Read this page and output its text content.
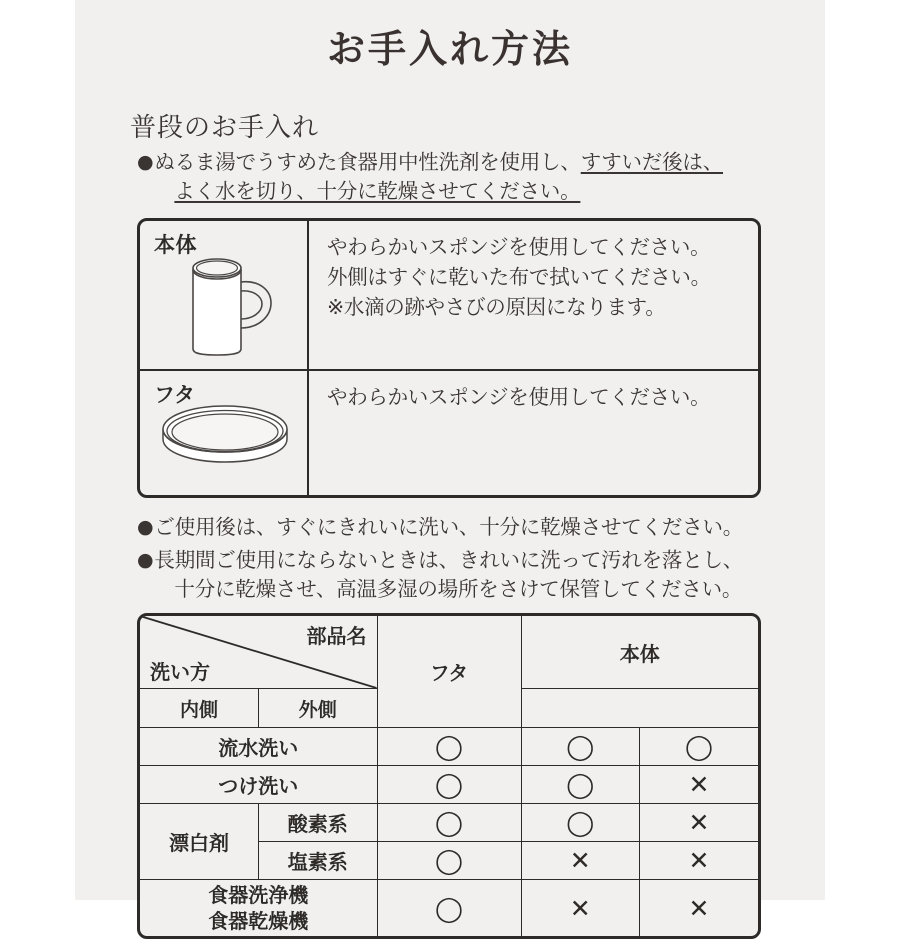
お手入れ方法
普段のお手入れ
● ぬるま湯でうすめた食器用中性洗剤を使用し、すすいだ後は、
よく水を切り、十分に乾燥させてください。
本体	やわらかいスポンジを使用してください。
外側はすぐに乾いた布で拭いてください。
※水滴の跡やさびの原因になります。
フタ	やわらかいスポンジを使用してください。
● ご使用後は、すぐにきれいに洗い、十分に乾燥させてください。
● 長期間ご使用にならないときは、きれいに洗って汚れを落とし、
十分に乾燥させ、高温多湿の場所をさけて保管してください。
部品名
洗い方		フタ	本体	
内側	外側			
流水洗い		◯	◯	◯
つけ洗い		◯	◯	✕
漂白剤	酸素系	◯	◯	✕
	塩素系	◯	✕	✕

食器洗浄機
食器乾燥機		◯	✕	✕
